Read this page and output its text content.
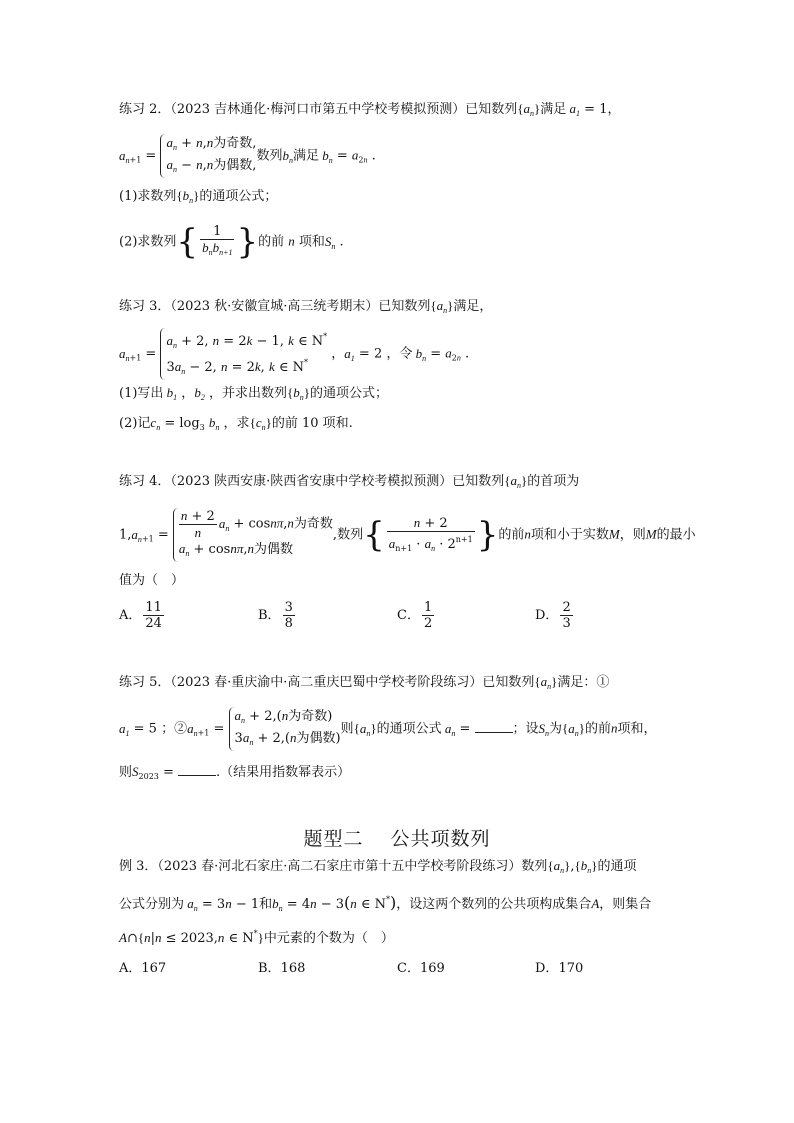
练习 2．（2023 吉林通化·梅河口市第五中学校考模拟预测）已知数列$\{a_n\}$满足 $a_1 = 1$，
$a_{n+1}$ =
$a_n + n,n$为奇数,
$a_n - n,n$为偶数,
数列$b_n$满足 $b_n = a_{2n}$ .
(1)求数列$\{b_n\}$的通项公式；
(2)求数列{ $\frac{1}{b_nb_{n+1}}$ }的前 n 项和$S_n$ .
练习 3．（2023 秋·安徽宣城·高三统考期末）已知数列$\{a_n\}$满足，
$a_{n+1}$ =
$a_n + 2$, n = 2k − 1, k ∈ N*
$3a_n - 2$, n = 2k, k ∈ N*
，$a_1 = 2$ ，令 $b_n = a_{2n}$ .
(1)写出 $b_1$ ，$b_2$ ，并求出数列$\{b_n\}$的通项公式；
(2)记$c_n = \log_3 b_n$ ，求$\{c_n\}$的前 10 项和.
练习 4．（2023 陕西安康·陕西省安康中学校考模拟预测）已知数列$\{a_n\}$的首项为
$1,a_{n+1} = \frac{n + 2}{n} a_n + \cos n\pi,n$为奇数
$a_n + \cos n\pi,n$为偶数
,数列{ $\frac{n + 2}{a_{n+1} \cdot a_n \cdot 2^{n+1}}$ }的前n项和小于实数M，则M的最小
值为（　）
A． $\frac{11}{24}$	B． $\frac{3}{8}$	C． $\frac{1}{2}$	D． $\frac{2}{3}$
练习 5．（2023 春·重庆渝中·高二重庆巴蜀中学校考阶段练习）已知数列$\{a_n\}$满足：①
$a_1 = 5$ ；$②a_{n+1}$ =
$a_n + 2,(n$为奇数)
$3a_n + 2,(n$为偶数)
则$\{a_n\}$的通项公式 $a_n$ =	；设$S_n$为$\{a_n\}$的前n项和，
则$S_{2023}$ =	.（结果用指数幂表示）
题型二　 公共项数列
例 3．（2023 春·河北石家庄·高二石家庄市第十五中学校考阶段练习）数列$\{a_n\},\{b_n\}$的通项
公式分别为 $a_n = 3n - 1$和$b_n = 4n - 3(n$ ∈ N*)，设这两个数列的公共项构成集合A，则集合
A∩{n|n ≤ 2023,n ∈ N*}中元素的个数为（　）
A．167	B．168	C．169	D．170
